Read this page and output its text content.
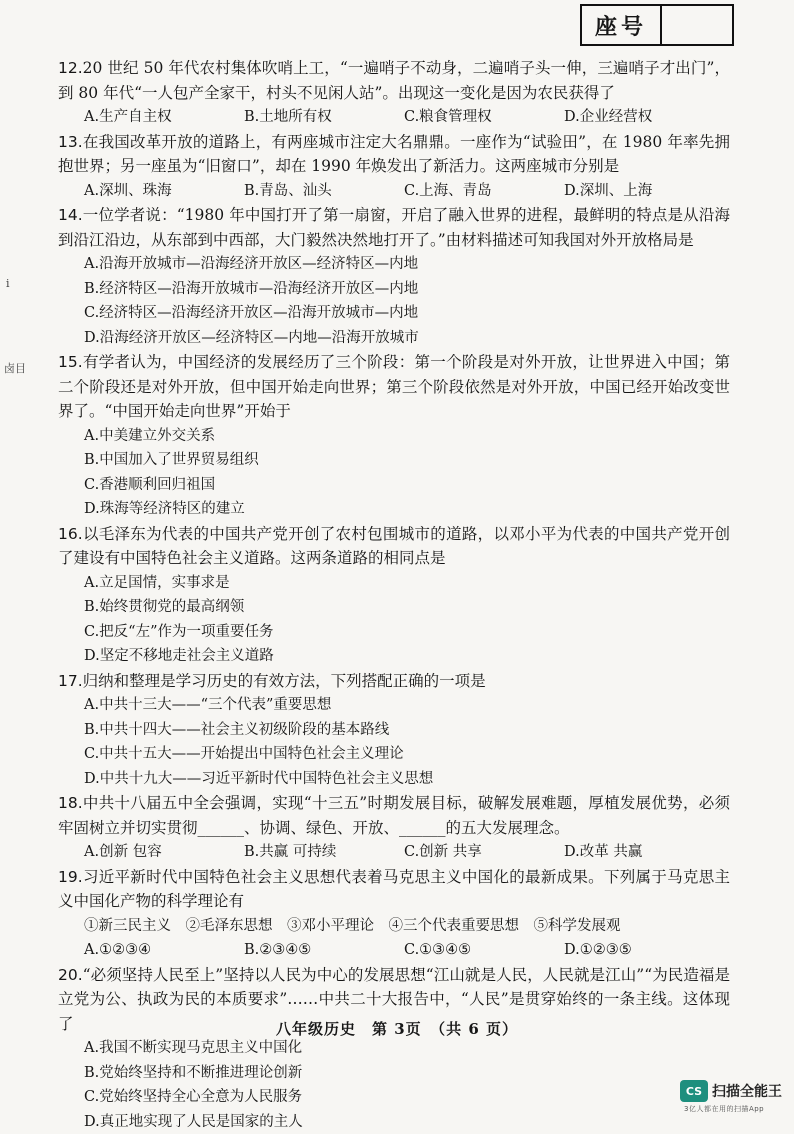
座号
i
卤目

12.20 世纪 50 年代农村集体吹哨上工，“一遍哨子不动身，二遍哨子头一伸，三遍哨子才出门”，到 80 年代“一人包产全家干，村头不见闲人站”。出现这一变化是因为农民获得了

A.生产自主权	B.土地所有权	C.粮食管理权	D.企业经营权

13.在我国改革开放的道路上，有两座城市注定大名鼎鼎。一座作为“试验田”，在 1980 年率先拥抱世界；另一座虽为“旧窗口”，却在 1990 年焕发出了新活力。这两座城市分别是

A.深圳、珠海	B.青岛、汕头	C.上海、青岛	D.深圳、上海

14.一位学者说：“1980 年中国打开了第一扇窗，开启了融入世界的进程，最鲜明的特点是从沿海到沿江沿边，从东部到中西部，大门毅然决然地打开了。”由材料描述可知我国对外开放格局是

A.沿海开放城市—沿海经济开放区—经济特区—内地
B.经济特区—沿海开放城市—沿海经济开放区—内地
C.经济特区—沿海经济开放区—沿海开放城市—内地
D.沿海经济开放区—经济特区—内地—沿海开放城市

15.有学者认为，中国经济的发展经历了三个阶段：第一个阶段是对外开放，让世界进入中国；第二个阶段还是对外开放，但中国开始走向世界；第三个阶段依然是对外开放，中国已经开始改变世界了。“中国开始走向世界”开始于

A.中美建立外交关系
B.中国加入了世界贸易组织
C.香港顺利回归祖国
D.珠海等经济特区的建立

16.以毛泽东为代表的中国共产党开创了农村包围城市的道路，以邓小平为代表的中国共产党开创了建设有中国特色社会主义道路。这两条道路的相同点是

A.立足国情，实事求是
B.始终贯彻党的最高纲领
C.把反“左”作为一项重要任务
D.坚定不移地走社会主义道路

17.归纳和整理是学习历史的有效方法，下列搭配正确的一项是

A.中共十三大——“三个代表”重要思想
B.中共十四大——社会主义初级阶段的基本路线
C.中共十五大——开始提出中国特色社会主义理论
D.中共十九大——习近平新时代中国特色社会主义思想

18.中共十八届五中全会强调，实现“十三五”时期发展目标，破解发展难题，厚植发展优势，必须牢固树立并切实贯彻______、协调、绿色、开放、______的五大发展理念。

A.创新 包容	B.共赢 可持续	C.创新 共享	D.改革 共赢

19.习近平新时代中国特色社会主义思想代表着马克思主义中国化的最新成果。下列属于马克思主义中国化产物的科学理论有

①新三民主义　②毛泽东思想　③邓小平理论　④三个代表重要思想　⑤科学发展观
A.①②③④	B.②③④⑤	C.①③④⑤	D.①②③⑤

20.“必须坚持人民至上”坚持以人民为中心的发展思想“江山就是人民，人民就是江山”“为民造福是立党为公、执政为民的本质要求”……中共二十大报告中，“人民”是贯穿始终的一条主线。这体现了

A.我国不断实现马克思主义中国化
B.党始终坚持和不断推进理论创新
C.党始终坚持全心全意为人民服务
D.真正地实现了人民是国家的主人
八年级历史　第 3页　（共 6 页）
CS 扫描全能王
3亿人都在用的扫描App
